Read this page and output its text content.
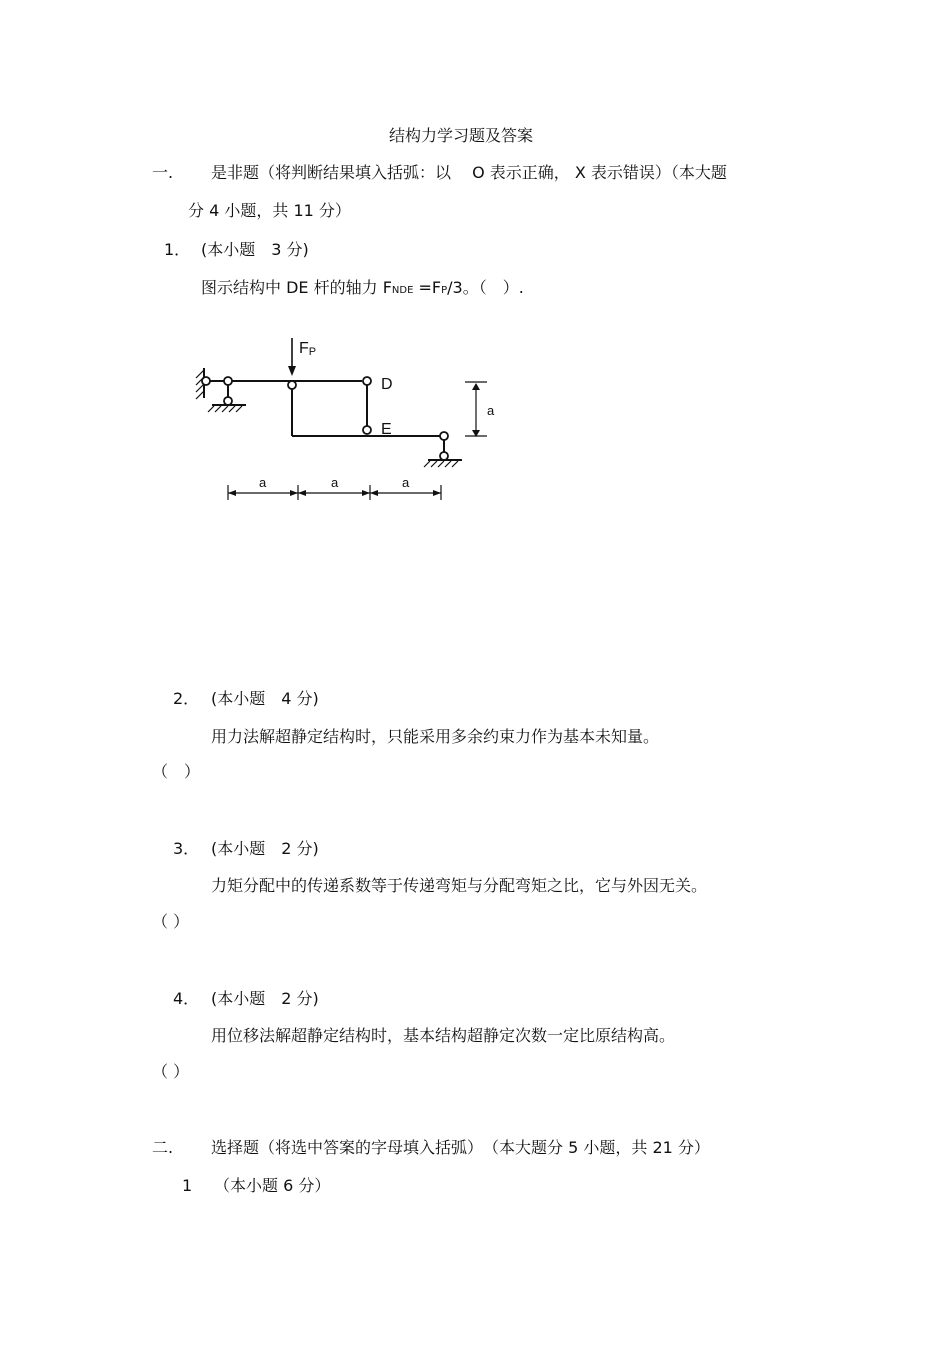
结构力学习题及答案
一. 是非题（将判断结果填入括弧：以　 O 表示正确， X 表示错误）（本大题
分 4 小题，共 11 分）
1． (本小题　3 分)
图示结构中 DE 杆的轴力 FNDE =FP/3。（　）.
FP
D
E
a
a	a	a
2． (本小题　4 分)
用力法解超静定结构时，只能采用多余约束力作为基本未知量。
（　）
3． (本小题　2 分)
力矩分配中的传递系数等于传递弯矩与分配弯矩之比，它与外因无关。
（ ）
4． (本小题　2 分)
用位移法解超静定结构时，基本结构超静定次数一定比原结构高。
（ ）
二. 选择题（将选中答案的字母填入括弧）　（本大题分 5 小题，共 21 分）
1 （本小题 6 分）
